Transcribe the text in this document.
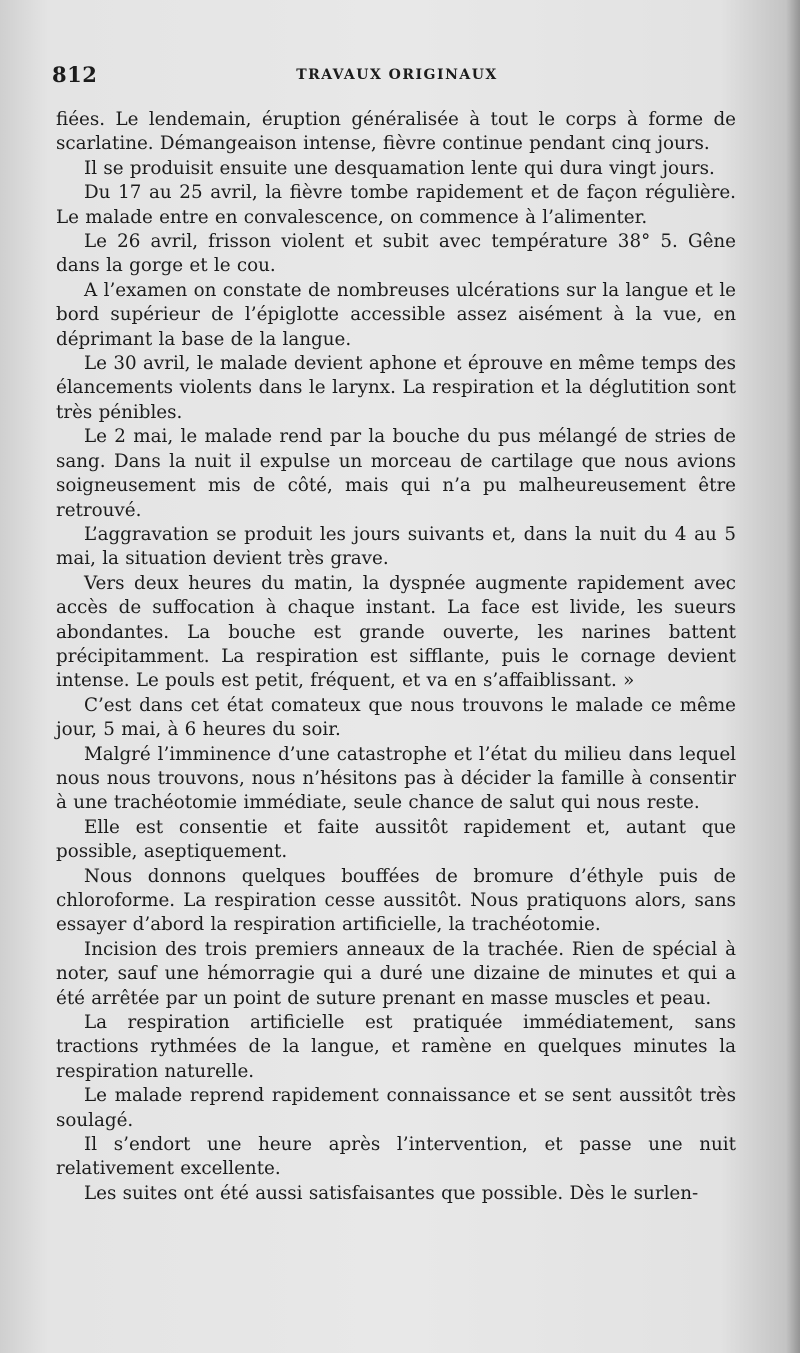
812	TRAVAUX ORIGINAUX

fiées. Le lendemain, éruption généralisée à tout le corps à forme de scarlatine. Démangeaison intense, fièvre continue pendant cinq jours.

Il se produisit ensuite une desquamation lente qui dura vingt jours.

Du 17 au 25 avril, la fièvre tombe rapidement et de façon régulière. Le malade entre en convalescence, on commence à l’alimenter.

Le 26 avril, frisson violent et subit avec température 38° 5. Gêne dans la gorge et le cou.

A l’examen on constate de nombreuses ulcérations sur la langue et le bord supérieur de l’épiglotte accessible assez aisément à la vue, en déprimant la base de la langue.

Le 30 avril, le malade devient aphone et éprouve en même temps des élancements violents dans le larynx. La respiration et la déglutition sont très pénibles.

Le 2 mai, le malade rend par la bouche du pus mélangé de stries de sang. Dans la nuit il expulse un morceau de cartilage que nous avions soigneusement mis de côté, mais qui n’a pu malheureusement être retrouvé.

L’aggravation se produit les jours suivants et, dans la nuit du 4 au 5 mai, la situation devient très grave.

Vers deux heures du matin, la dyspnée augmente rapidement avec accès de suffocation à chaque instant. La face est livide, les sueurs abondantes. La bouche est grande ouverte, les narines battent précipitamment. La respiration est sifflante, puis le cornage devient intense. Le pouls est petit, fréquent, et va en s’affaiblissant. »

C’est dans cet état comateux que nous trouvons le malade ce même jour, 5 mai, à 6 heures du soir.

Malgré l’imminence d’une catastrophe et l’état du milieu dans lequel nous nous trouvons, nous n’hésitons pas à décider la famille à consentir à une trachéotomie immédiate, seule chance de salut qui nous reste.

Elle est consentie et faite aussitôt rapidement et, autant que possible, aseptiquement.

Nous donnons quelques bouffées de bromure d’éthyle puis de chloroforme. La respiration cesse aussitôt. Nous pratiquons alors, sans essayer d’abord la respiration artificielle, la trachéotomie.

Incision des trois premiers anneaux de la trachée. Rien de spécial à noter, sauf une hémorragie qui a duré une dizaine de minutes et qui a été arrêtée par un point de suture prenant en masse muscles et peau.

La respiration artificielle est pratiquée immédiatement, sans tractions rythmées de la langue, et ramène en quelques minutes la respiration naturelle.

Le malade reprend rapidement connaissance et se sent aussitôt très soulagé.

Il s’endort une heure après l’intervention, et passe une nuit relativement excellente.

Les suites ont été aussi satisfaisantes que possible. Dès le surlen-
